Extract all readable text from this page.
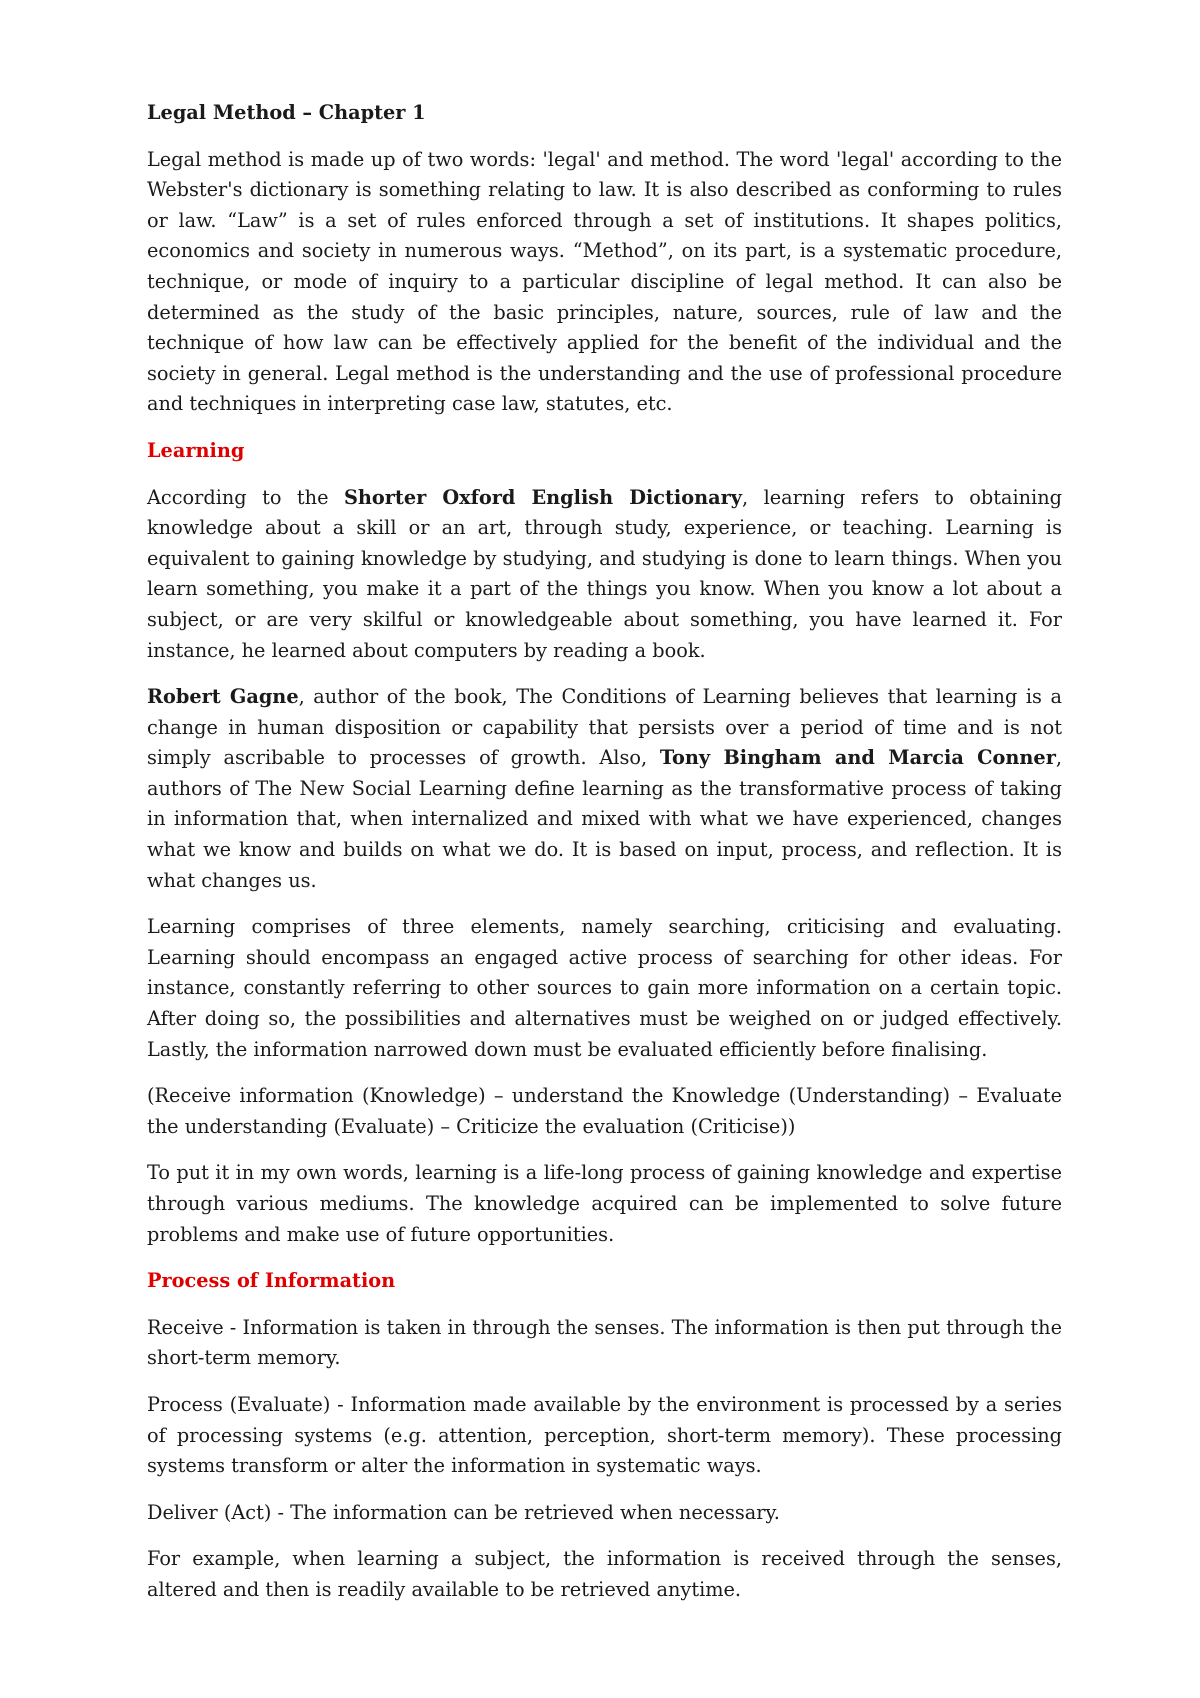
Legal Method – Chapter 1

Legal method is made up of two words: 'legal' and method. The word 'legal' according to the Webster's dictionary is something relating to law. It is also described as conforming to rules or law. “Law” is a set of rules enforced through a set of institutions. It shapes politics, economics and society in numerous ways. “Method”, on its part, is a systematic procedure, technique, or mode of inquiry to a particular discipline of legal method. It can also be determined as the study of the basic principles, nature, sources, rule of law and the technique of how law can be effectively applied for the benefit of the individual and the society in general. Legal method is the understanding and the use of professional procedure and techniques in interpreting case law, statutes, etc.

Learning

According to the Shorter Oxford English Dictionary, learning refers to obtaining knowledge about a skill or an art, through study, experience, or teaching. Learning is equivalent to gaining knowledge by studying, and studying is done to learn things. When you learn something, you make it a part of the things you know. When you know a lot about a subject, or are very skilful or knowledgeable about something, you have learned it. For instance, he learned about computers by reading a book.

Robert Gagne, author of the book, The Conditions of Learning believes that learning is a change in human disposition or capability that persists over a period of time and is not simply ascribable to processes of growth. Also, Tony Bingham and Marcia Conner, authors of The New Social Learning define learning as the transformative process of taking in information that, when internalized and mixed with what we have experienced, changes what we know and builds on what we do. It is based on input, process, and reflection. It is what changes us.

Learning comprises of three elements, namely searching, criticising and evaluating. Learning should encompass an engaged active process of searching for other ideas. For instance, constantly referring to other sources to gain more information on a certain topic. After doing so, the possibilities and alternatives must be weighed on or judged effectively. Lastly, the information narrowed down must be evaluated efficiently before finalising.

(Receive information (Knowledge) – understand the Knowledge (Understanding) – Evaluate the understanding (Evaluate) – Criticize the evaluation (Criticise))

To put it in my own words, learning is a life-long process of gaining knowledge and expertise through various mediums. The knowledge acquired can be implemented to solve future problems and make use of future opportunities.

Process of Information

Receive - Information is taken in through the senses. The information is then put through the short-term memory.

Process (Evaluate) - Information made available by the environment is processed by a series of processing systems (e.g. attention, perception, short-term memory). These processing systems transform or alter the information in systematic ways.

Deliver (Act) - The information can be retrieved when necessary.

For example, when learning a subject, the information is received through the senses, altered and then is readily available to be retrieved anytime.
